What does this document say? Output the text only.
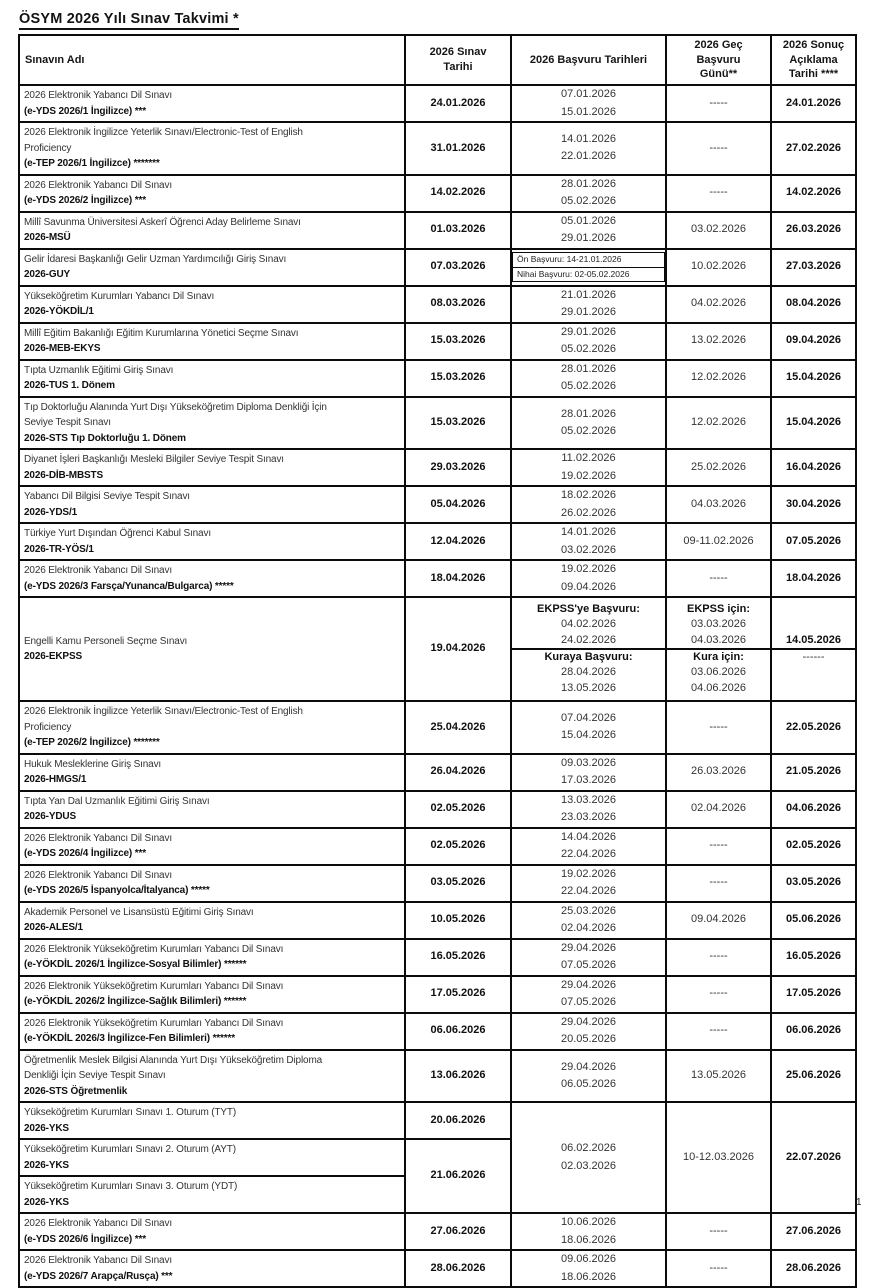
ÖSYM 2026 Yılı Sınav Takvimi *
Sınavın Adı

2026 Sınav
Tarihi

2026 Başvuru Tarihleri

2026 Geç
Başvuru
Günü**

2026 Sonuç
Açıklama
Tarihi ****

2026 Elektronik Yabancı Dil Sınavı
(e-YDS 2026/1 İngilizce) ***

24.01.2026

07.01.2026
15.01.2026

-----	24.01.2026

2026 Elektronik İngilizce Yeterlik Sınavı/Electronic-Test of English
Proficiency
(e-TEP 2026/1 İngilizce) *******

31.01.2026

14.01.2026
22.01.2026

-----	27.02.2026

2026 Elektronik Yabancı Dil Sınavı
(e-YDS 2026/2 İngilizce) ***

14.02.2026

28.01.2026
05.02.2026

-----	14.02.2026

Millî Savunma Üniversitesi Askerî Öğrenci Aday Belirleme Sınavı
2026-MSÜ

01.03.2026

05.01.2026
29.01.2026

03.02.2026	26.03.2026

Gelir İdaresi Başkanlığı Gelir Uzman Yardımcılığı Giriş Sınavı
2026-GUY

07.03.2026

Ön Başvuru: 14-21.01.2026
Nihai Başvuru: 02-05.02.2026

10.02.2026	27.03.2026

Yükseköğretim Kurumları Yabancı Dil Sınavı
2026-YÖKDİL/1

08.03.2026

21.01.2026
29.01.2026

04.02.2026	08.04.2026

Millî Eğitim Bakanlığı Eğitim Kurumlarına Yönetici Seçme Sınavı
2026-MEB-EKYS

15.03.2026

29.01.2026
05.02.2026

13.02.2026	09.04.2026

Tıpta Uzmanlık Eğitimi Giriş Sınavı
2026-TUS 1. Dönem

15.03.2026

28.01.2026
05.02.2026

12.02.2026	15.04.2026

Tıp Doktorluğu Alanında Yurt Dışı Yükseköğretim Diploma Denkliği İçin
Seviye Tespit Sınavı
2026-STS Tıp Doktorluğu 1. Dönem

15.03.2026

28.01.2026
05.02.2026

12.02.2026	15.04.2026

Diyanet İşleri Başkanlığı Mesleki Bilgiler Seviye Tespit Sınavı
2026-DİB-MBSTS

29.03.2026

11.02.2026
19.02.2026

25.02.2026	16.04.2026

Yabancı Dil Bilgisi Seviye Tespit Sınavı
2026-YDS/1

05.04.2026

18.02.2026
26.02.2026

04.03.2026	30.04.2026

Türkiye Yurt Dışından Öğrenci Kabul Sınavı
2026-TR-YÖS/1

12.04.2026

14.01.2026
03.02.2026

09-11.02.2026	07.05.2026

2026 Elektronik Yabancı Dil Sınavı
(e-YDS 2026/3 Farsça/Yunanca/Bulgarca) *****

18.04.2026

19.02.2026
09.04.2026

-----	18.04.2026

Engelli Kamu Personeli Seçme Sınavı
2026-EKPSS

19.04.2026

EKPSS'ye Başvuru:
04.02.2026
24.02.2026
Kuraya Başvuru:
28.04.2026
13.05.2026

EKPSS için:
03.03.2026
04.03.2026
Kura için:
03.06.2026
04.06.2026

14.05.2026
------

2026 Elektronik İngilizce Yeterlik Sınavı/Electronic-Test of English
Proficiency
(e-TEP 2026/2 İngilizce) *******

25.04.2026

07.04.2026
15.04.2026

-----	22.05.2026

Hukuk Mesleklerine Giriş Sınavı
2026-HMGS/1

26.04.2026

09.03.2026
17.03.2026

26.03.2026	21.05.2026

Tıpta Yan Dal Uzmanlık Eğitimi Giriş Sınavı
2026-YDUS

02.05.2026

13.03.2026
23.03.2026

02.04.2026	04.06.2026

2026 Elektronik Yabancı Dil Sınavı
(e-YDS 2026/4 İngilizce) ***

02.05.2026

14.04.2026
22.04.2026

-----	02.05.2026

2026 Elektronik Yabancı Dil Sınavı
(e-YDS 2026/5 İspanyolca/İtalyanca) *****

03.05.2026

19.02.2026
22.04.2026

-----	03.05.2026

Akademik Personel ve Lisansüstü Eğitimi Giriş Sınavı
2026-ALES/1

10.05.2026

25.03.2026
02.04.2026

09.04.2026	05.06.2026

2026 Elektronik Yükseköğretim Kurumları Yabancı Dil Sınavı
(e-YÖKDİL 2026/1 İngilizce-Sosyal Bilimler) ******

16.05.2026

29.04.2026
07.05.2026

-----	16.05.2026

2026 Elektronik Yükseköğretim Kurumları Yabancı Dil Sınavı
(e-YÖKDİL 2026/2 İngilizce-Sağlık Bilimleri) ******

17.05.2026

29.04.2026
07.05.2026

-----	17.05.2026

2026 Elektronik Yükseköğretim Kurumları Yabancı Dil Sınavı
(e-YÖKDİL 2026/3 İngilizce-Fen Bilimleri) ******

06.06.2026

29.04.2026
20.05.2026

-----	06.06.2026

Öğretmenlik Meslek Bilgisi Alanında Yurt Dışı Yükseköğretim Diploma
Denkliği İçin Seviye Tespit Sınavı
2026-STS Öğretmenlik

13.06.2026

29.04.2026
06.05.2026

13.05.2026	25.06.2026

Yükseköğretim Kurumları Sınavı 1. Oturum (TYT)
2026-YKS

20.06.2026

06.02.2026
02.03.2026

10-12.03.2026	22.07.2026

Yükseköğretim Kurumları Sınavı 2. Oturum (AYT)
2026-YKS	21.06.2026			

Yükseköğretim Kurumları Sınavı 3. Oturum (YDT)
2026-YKS				

2026 Elektronik Yabancı Dil Sınavı
(e-YDS 2026/6 İngilizce) ***

27.06.2026

10.06.2026
18.06.2026

-----	27.06.2026

2026 Elektronik Yabancı Dil Sınavı
(e-YDS 2026/7 Arapça/Rusça) ***

28.06.2026

09.06.2026
18.06.2026

-----	28.06.2026
1
